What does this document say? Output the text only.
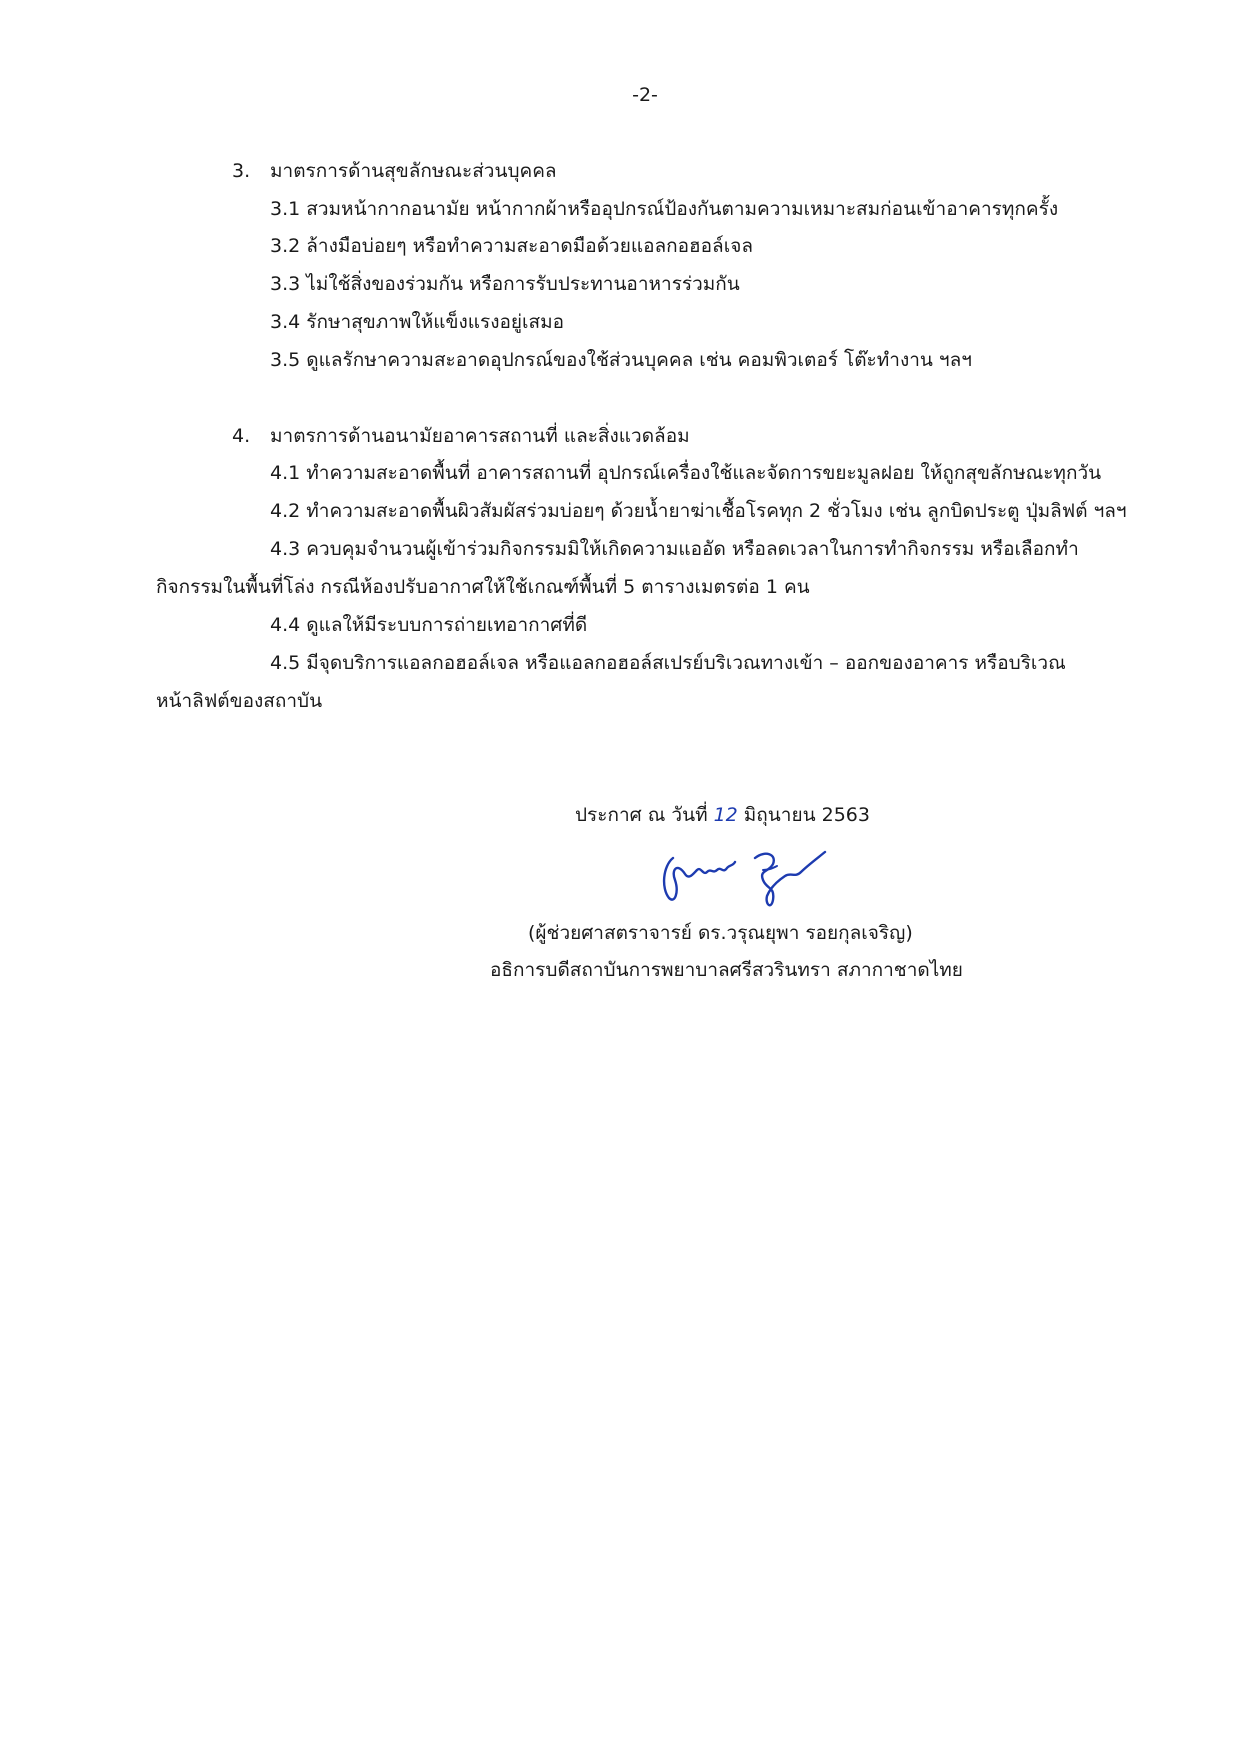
-2-
3. มาตรการด้านสุขลักษณะส่วนบุคคล
3.1 สวมหน้ากากอนามัย หน้ากากผ้าหรืออุปกรณ์ป้องกันตามความเหมาะสมก่อนเข้าอาคารทุกครั้ง
3.2 ล้างมือบ่อยๆ หรือทำความสะอาดมือด้วยแอลกอฮอล์เจล
3.3 ไม่ใช้สิ่งของร่วมกัน หรือการรับประทานอาหารร่วมกัน
3.4 รักษาสุขภาพให้แข็งแรงอยู่เสมอ
3.5 ดูแลรักษาความสะอาดอุปกรณ์ของใช้ส่วนบุคคล เช่น คอมพิวเตอร์ โต๊ะทำงาน ฯลฯ
4. มาตรการด้านอนามัยอาคารสถานที่ และสิ่งแวดล้อม
4.1 ทำความสะอาดพื้นที่ อาคารสถานที่ อุปกรณ์เครื่องใช้และจัดการขยะมูลฝอย ให้ถูกสุขลักษณะทุกวัน
4.2 ทำความสะอาดพื้นผิวสัมผัสร่วมบ่อยๆ ด้วยน้ำยาฆ่าเชื้อโรคทุก 2 ชั่วโมง เช่น ลูกบิดประตู ปุ่มลิฟต์ ฯลฯ
4.3 ควบคุมจำนวนผู้เข้าร่วมกิจกรรมมิให้เกิดความแออัด หรือลดเวลาในการทำกิจกรรม หรือเลือกทำ
กิจกรรมในพื้นที่โล่ง กรณีห้องปรับอากาศให้ใช้เกณฑ์พื้นที่ 5 ตารางเมตรต่อ 1 คน
4.4 ดูแลให้มีระบบการถ่ายเทอากาศที่ดี
4.5 มีจุดบริการแอลกอฮอล์เจล หรือแอลกอฮอล์สเปรย์บริเวณทางเข้า – ออกของอาคาร หรือบริเวณ
หน้าลิฟต์ของสถาบัน
ประกาศ ณ วันที่ 12 มิถุนายน 2563
(ผู้ช่วยศาสตราจารย์ ดร.วรุณยุพา รอยกุลเจริญ)
อธิการบดีสถาบันการพยาบาลศรีสวรินทรา สภากาชาดไทย
